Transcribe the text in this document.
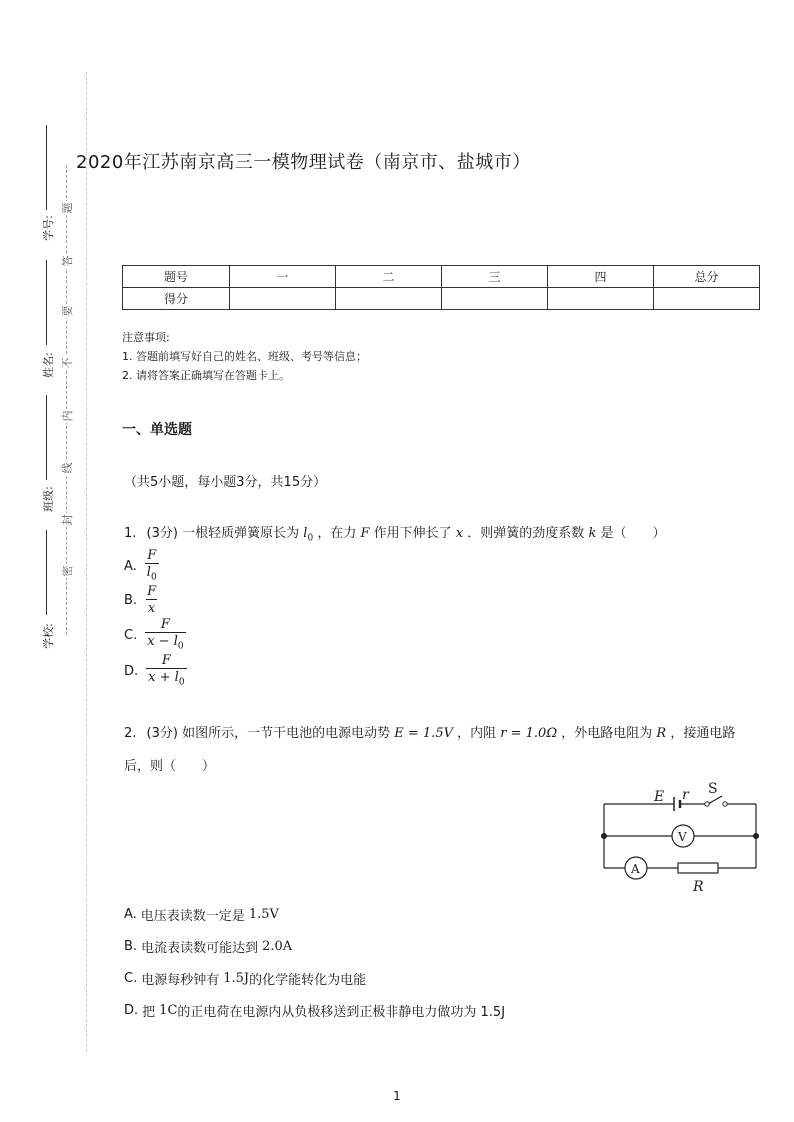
学号:
姓名:
班级:
学校:
题
答
要
不
内
线
封
密
2020年江苏南京高三一模物理试卷（南京市、盐城市）
题号	一	二	三	四	总分
得分					
注意事项:
1. 答题前填写好自己的姓名、班级、考号等信息；
2. 请将答案正确填写在答题卡上。
一、单选题
（共5小题，每小题3分，共15分）
1. (3分) 一根轻质弹簧原长为 $l_0$ ，在力 F 作用下伸长了 x ．则弹簧的劲度系数 k 是（　　）
A. $\frac{F}{l_0}$
B. $\frac{F}{x}$
C. $\frac{F}{x - l_0}$
D. $\frac{F}{x + l_0}$
2. (3分) 如图所示，一节干电池的电源电动势 E = 1.5V ，内阻 r = 1.0Ω ，外电路电阻为 R ，接通电路
后，则（　　）
E r S
V
A
R
A. 电压表读数一定是 1.5V
B. 电流表读数可能达到 2.0A
C. 电源每秒钟有 1.5J 的化学能转化为电能
D. 把 1C 的正电荷在电源内从负极移送到正极非静电力做功为 1.5J
1
